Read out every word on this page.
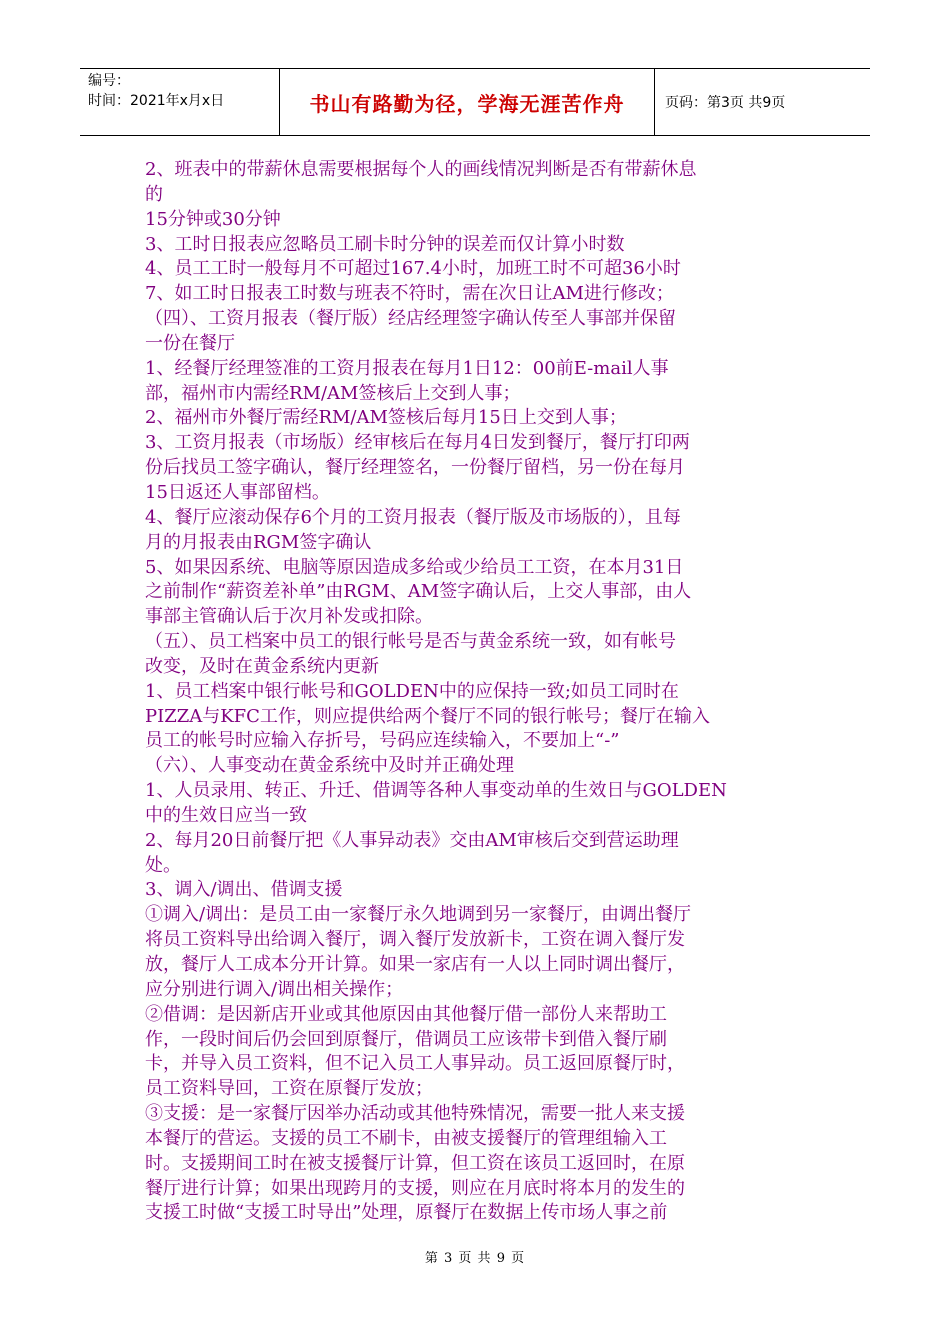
编号：
时间：2021年x月x日	书山有路勤为径，学海无涯苦作舟	页码：第3页 共9页

2、班表中的带薪休息需要根据每个人的画线情况判断是否有带薪休息

的

15分钟或30分钟

3、工时日报表应忽略员工刷卡时分钟的误差而仅计算小时数

4、员工工时一般每月不可超过167.4小时，加班工时不可超36小时

7、如工时日报表工时数与班表不符时，需在次日让AM进行修改；

（四）、工资月报表（餐厅版）经店经理签字确认传至人事部并保留

一份在餐厅

1、经餐厅经理签准的工资月报表在每月1日12：00前E-mail人事

部，福州市内需经RM/AM签核后上交到人事；

2、福州市外餐厅需经RM/AM签核后每月15日上交到人事；

3、工资月报表（市场版）经审核后在每月4日发到餐厅，餐厅打印两

份后找员工签字确认，餐厅经理签名，一份餐厅留档，另一份在每月

15日返还人事部留档。

4、餐厅应滚动保存6个月的工资月报表（餐厅版及市场版的），且每

月的月报表由RGM签字确认

5、如果因系统、电脑等原因造成多给或少给员工工资，在本月31日

之前制作“薪资差补单”由RGM、AM签字确认后，上交人事部，由人

事部主管确认后于次月补发或扣除。

（五）、员工档案中员工的银行帐号是否与黄金系统一致，如有帐号

改变，及时在黄金系统内更新

1、员工档案中银行帐号和GOLDEN中的应保持一致;如员工同时在

PIZZA与KFC工作，则应提供给两个餐厅不同的银行帐号；餐厅在输入

员工的帐号时应输入存折号，号码应连续输入，不要加上“-”

（六）、人事变动在黄金系统中及时并正确处理

1、人员录用、转正、升迁、借调等各种人事变动单的生效日与GOLDEN

中的生效日应当一致

2、每月20日前餐厅把《人事异动表》交由AM审核后交到营运助理

处。

3、调入/调出、借调支援

①调入/调出：是员工由一家餐厅永久地调到另一家餐厅，由调出餐厅

将员工资料导出给调入餐厅，调入餐厅发放新卡，工资在调入餐厅发

放，餐厅人工成本分开计算。如果一家店有一人以上同时调出餐厅，

应分别进行调入/调出相关操作；

②借调：是因新店开业或其他原因由其他餐厅借一部份人来帮助工

作，一段时间后仍会回到原餐厅，借调员工应该带卡到借入餐厅刷

卡，并导入员工资料，但不记入员工人事异动。员工返回原餐厅时，

员工资料导回，工资在原餐厅发放；

③支援：是一家餐厅因举办活动或其他特殊情况，需要一批人来支援

本餐厅的营运。支援的员工不刷卡，由被支援餐厅的管理组输入工

时。支援期间工时在被支援餐厅计算，但工资在该员工返回时，在原

餐厅进行计算；如果出现跨月的支援，则应在月底时将本月的发生的

支援工时做“支援工时导出”处理，原餐厅在数据上传市场人事之前

第 3 页 共 9 页
